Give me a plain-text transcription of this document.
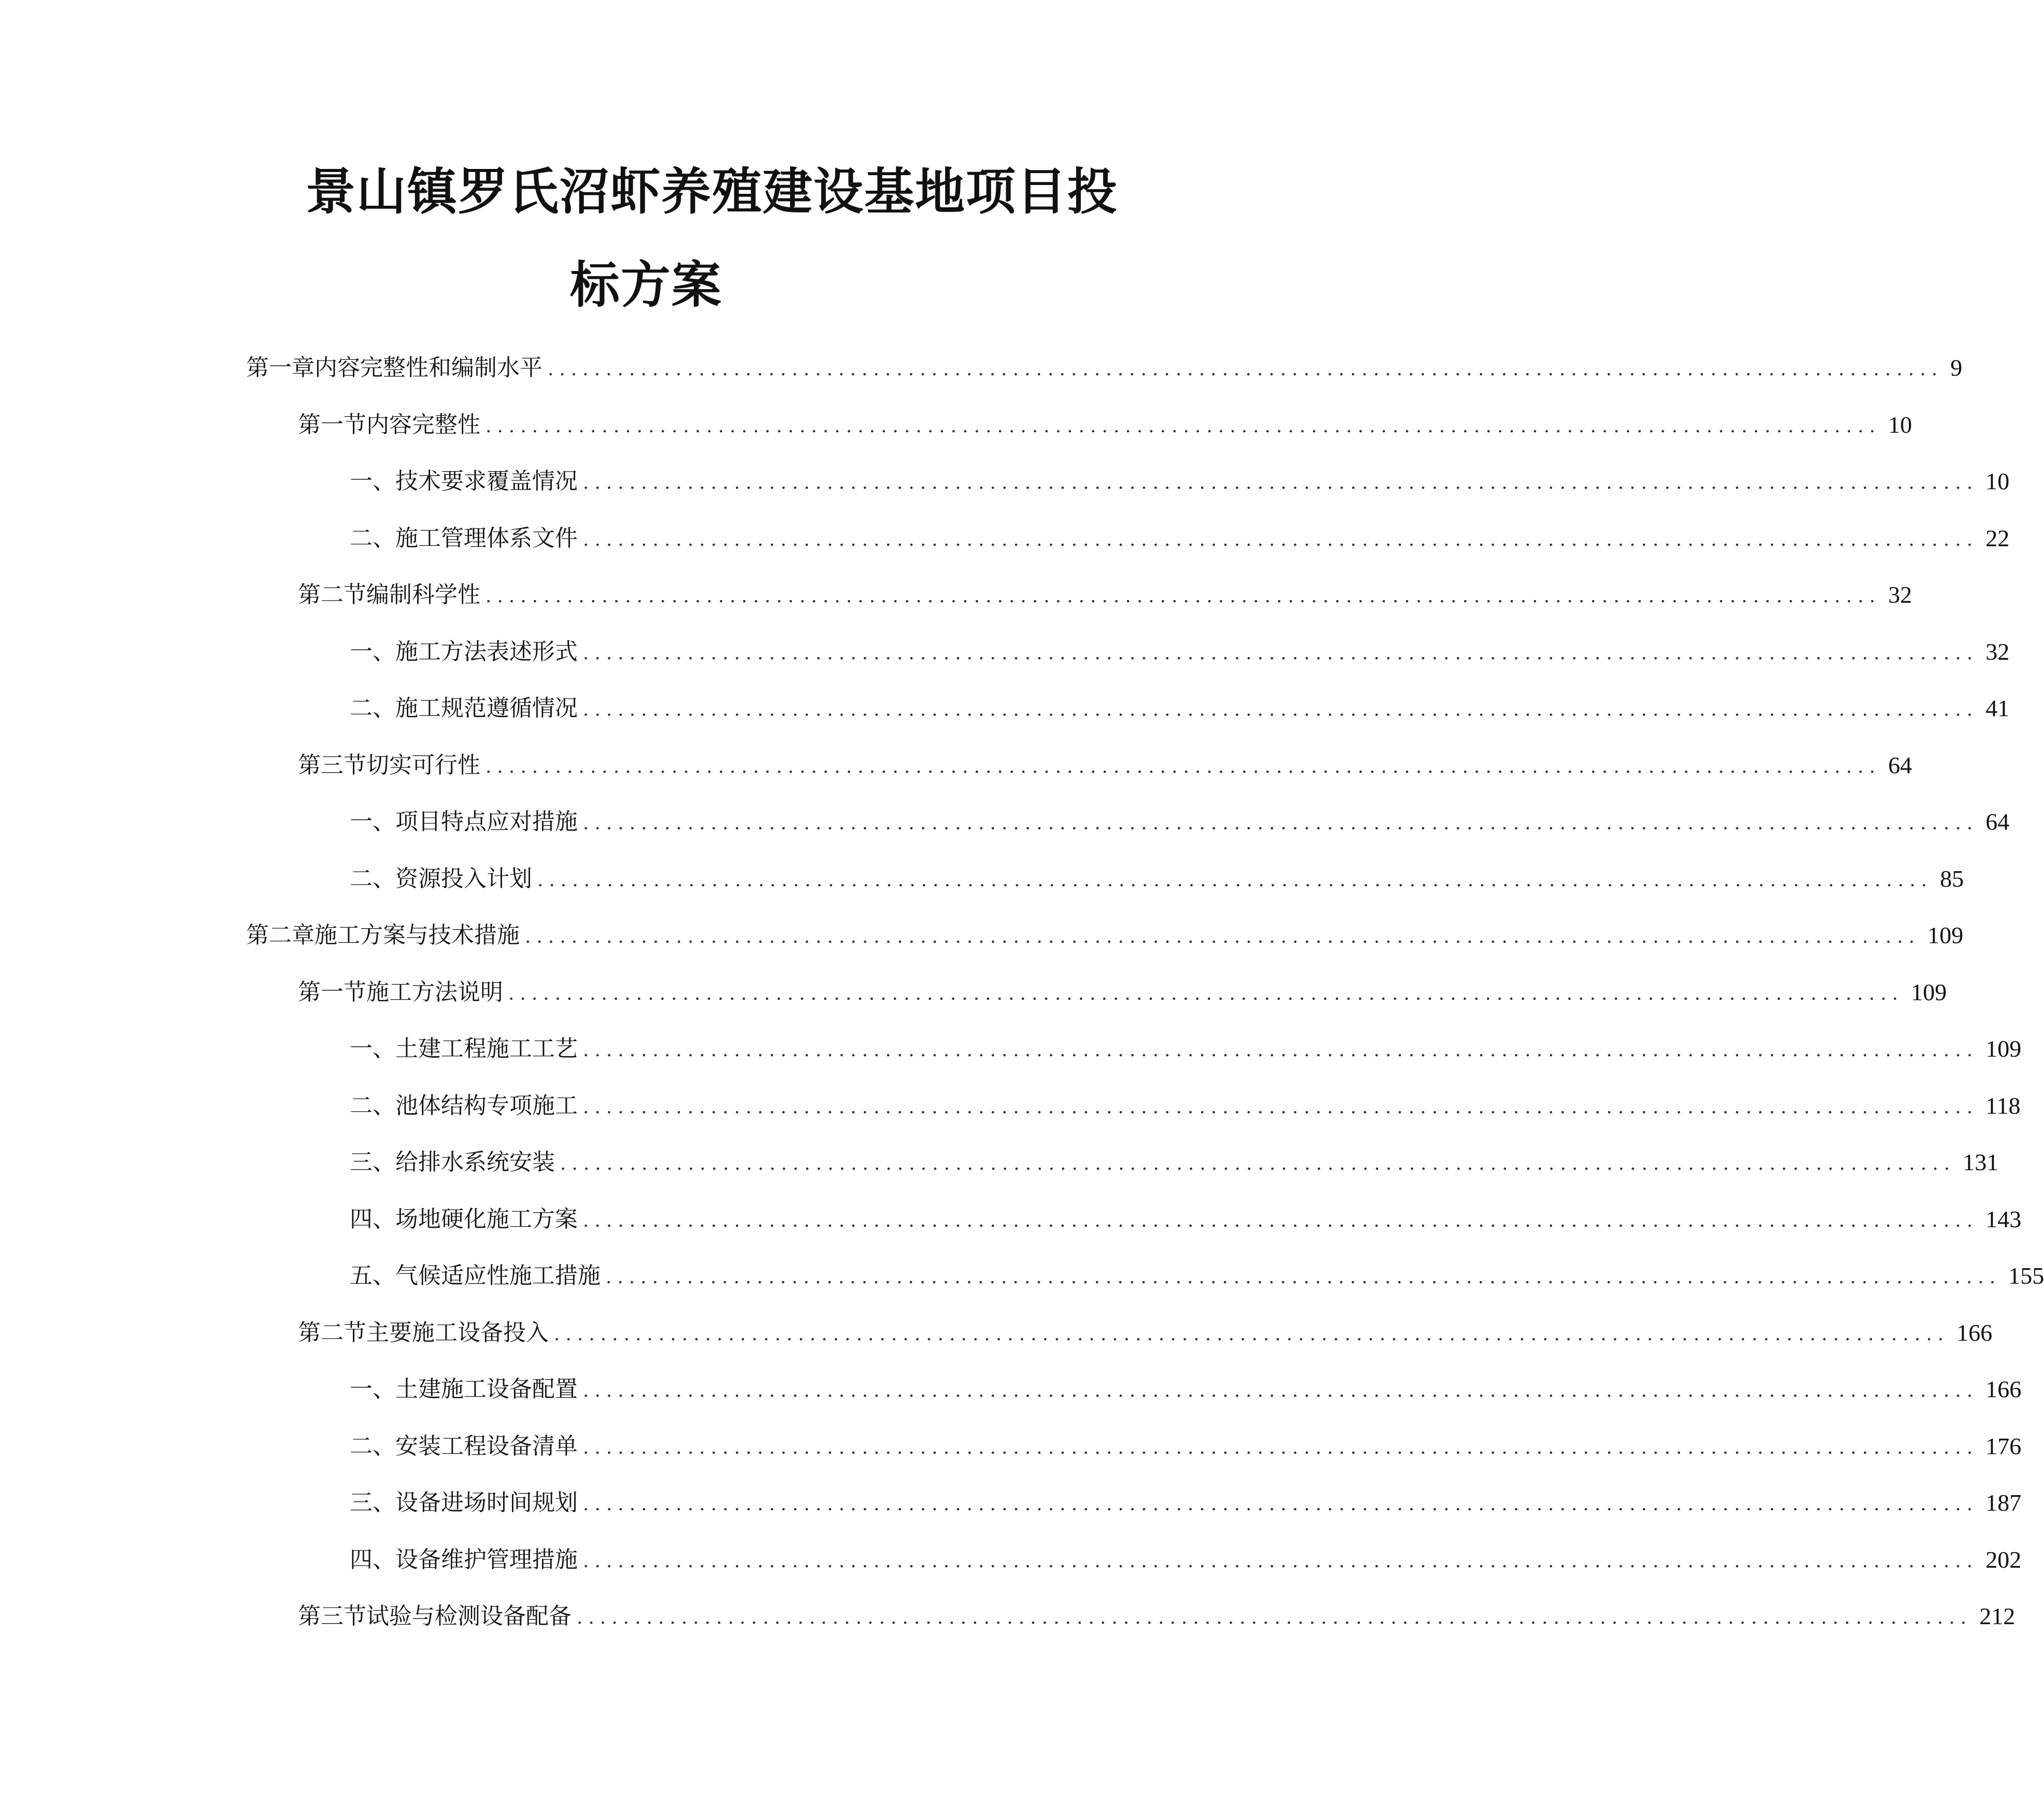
景山镇罗氏沼虾养殖建设基地项目投
标方案
第一章 内容完整性和编制水平 ........................................................................................................................ 9
第一节 内容完整性 ........................................................................................................................ 10
一、 技术要求覆盖情况 ........................................................................................................................ 10
二、 施工管理体系文件 ........................................................................................................................ 22
第二节 编制科学性 ........................................................................................................................ 32
一、 施工方法表述形式 ........................................................................................................................ 32
二、 施工规范遵循情况 ........................................................................................................................ 41
第三节 切实可行性 ........................................................................................................................ 64
一、 项目特点应对措施 ........................................................................................................................ 64
二、 资源投入计划 ........................................................................................................................ 85
第二章 施工方案与技术措施 ........................................................................................................................ 109
第一节 施工方法说明 ........................................................................................................................ 109
一、 土建工程施工工艺 ........................................................................................................................ 109
二、 池体结构专项施工 ........................................................................................................................ 118
三、 给排水系统安装 ........................................................................................................................ 131
四、 场地硬化施工方案 ........................................................................................................................ 143
五、 气候适应性施工措施 ........................................................................................................................ 155
第二节 主要施工设备投入 ........................................................................................................................ 166
一、 土建施工设备配置 ........................................................................................................................ 166
二、 安装工程设备清单 ........................................................................................................................ 176
三、 设备进场时间规划 ........................................................................................................................ 187
四、 设备维护管理措施 ........................................................................................................................ 202
第三节 试验与检测设备配备 ........................................................................................................................ 212
